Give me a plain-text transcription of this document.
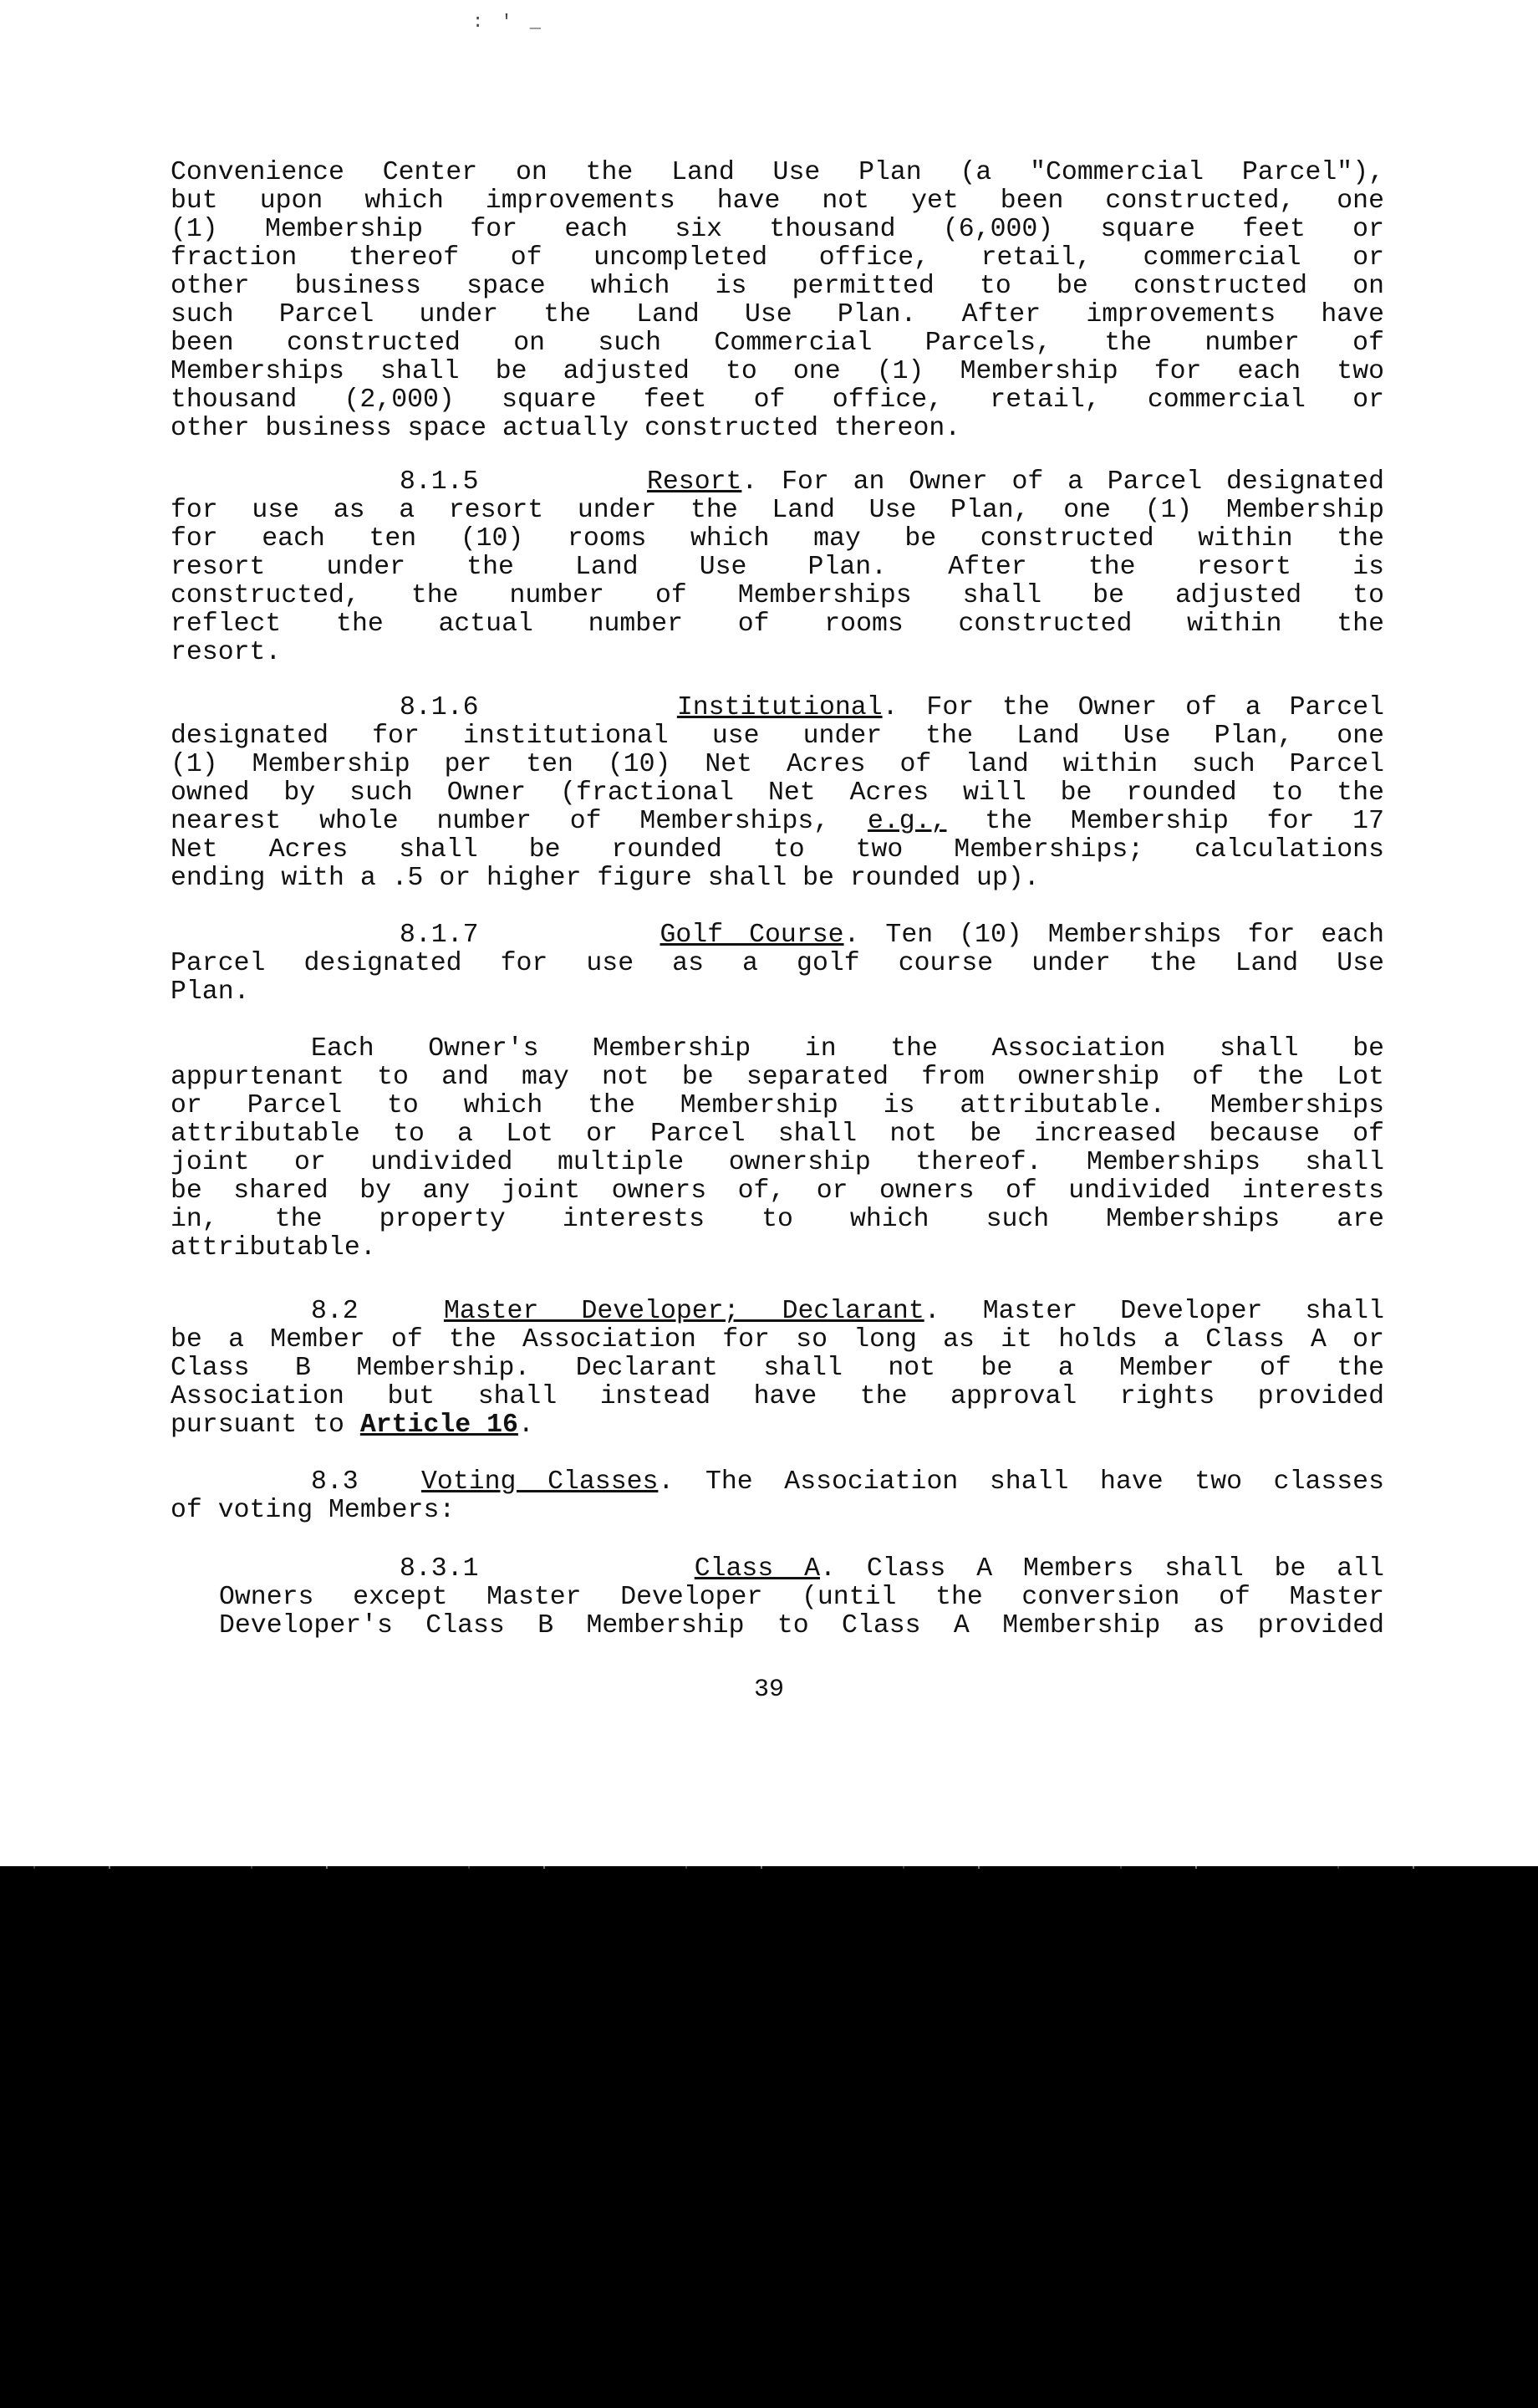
: ' _
Convenience Center on the Land Use Plan (a "Commercial Parcel"),
but upon which improvements have not yet been constructed, one
(1) Membership for each six thousand (6,000) square feet or
fraction thereof of uncompleted office, retail, commercial or
other business space which is permitted to be constructed on
such Parcel under the Land Use Plan. After improvements have
been constructed on such Commercial Parcels, the number of
Memberships shall be adjusted to one (1) Membership for each two
thousand (2,000) square feet of office, retail, commercial or
other business space actually constructed thereon.
8.1.5	Resort. For an Owner of a Parcel designated
for use as a resort under the Land Use Plan, one (1) Membership
for each ten (10) rooms which may be constructed within the
resort under the Land Use Plan. After the resort is
constructed, the number of Memberships shall be adjusted to
reflect the actual number of rooms constructed within the
resort.
8.1.6	Institutional. For the Owner of a Parcel
designated for institutional use under the Land Use Plan, one
(1) Membership per ten (10) Net Acres of land within such Parcel
owned by such Owner (fractional Net Acres will be rounded to the
nearest whole number of Memberships, e.g., the Membership for 17
Net Acres shall be rounded to two Memberships; calculations
ending with a .5 or higher figure shall be rounded up).
8.1.7	Golf Course. Ten (10) Memberships for each
Parcel designated for use as a golf course under the Land Use
Plan.
Each Owner's Membership in the Association shall be
appurtenant to and may not be separated from ownership of the Lot
or Parcel to which the Membership is attributable. Memberships
attributable to a Lot or Parcel shall not be increased because of
joint or undivided multiple ownership thereof. Memberships shall
be shared by any joint owners of, or owners of undivided interests
in, the property interests to which such Memberships are
attributable.
8.2	Master Developer; Declarant. Master Developer shall
be a Member of the Association for so long as it holds a Class A or
Class B Membership. Declarant shall not be a Member of the
Association but shall instead have the approval rights provided
pursuant to Article 16.
8.3 Voting Classes. The Association shall have two classes
of voting Members:
8.3.1	Class A. Class A Members shall be all
Owners except Master Developer (until the conversion of Master
Developer's Class B Membership to Class A Membership as provided
39
